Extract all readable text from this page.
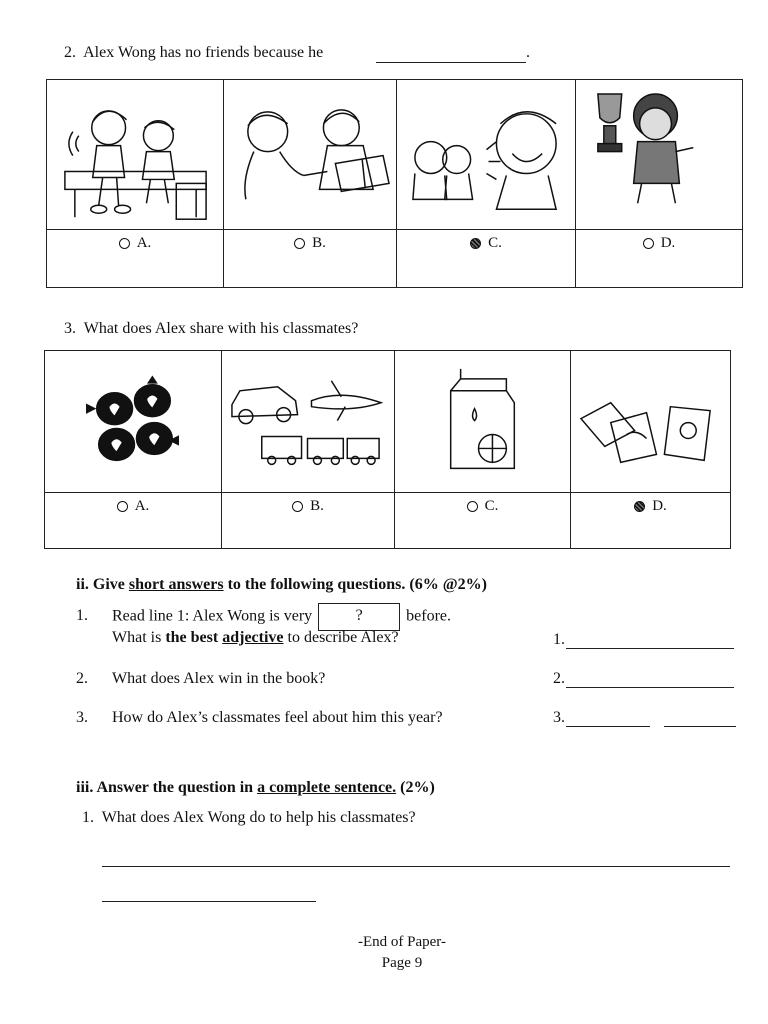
2. Alex Wong has no friends because he	.

A.	B.	C.	D.
3. What does Alex share with his classmates?

A.	B.	C.	D.
ii. Give short answers to the following questions. (6% @2%)
1. Read line 1: Alex Wong is very	?	before.
What is the best adjective to describe Alex?	1.
2. What does Alex win in the book?	2.
3. How do Alex’s classmates feel about him this year?	3.
iii. Answer the question in a complete sentence. (2%)
1. What does Alex Wong do to help his classmates?
-End of Paper-
Page 9
